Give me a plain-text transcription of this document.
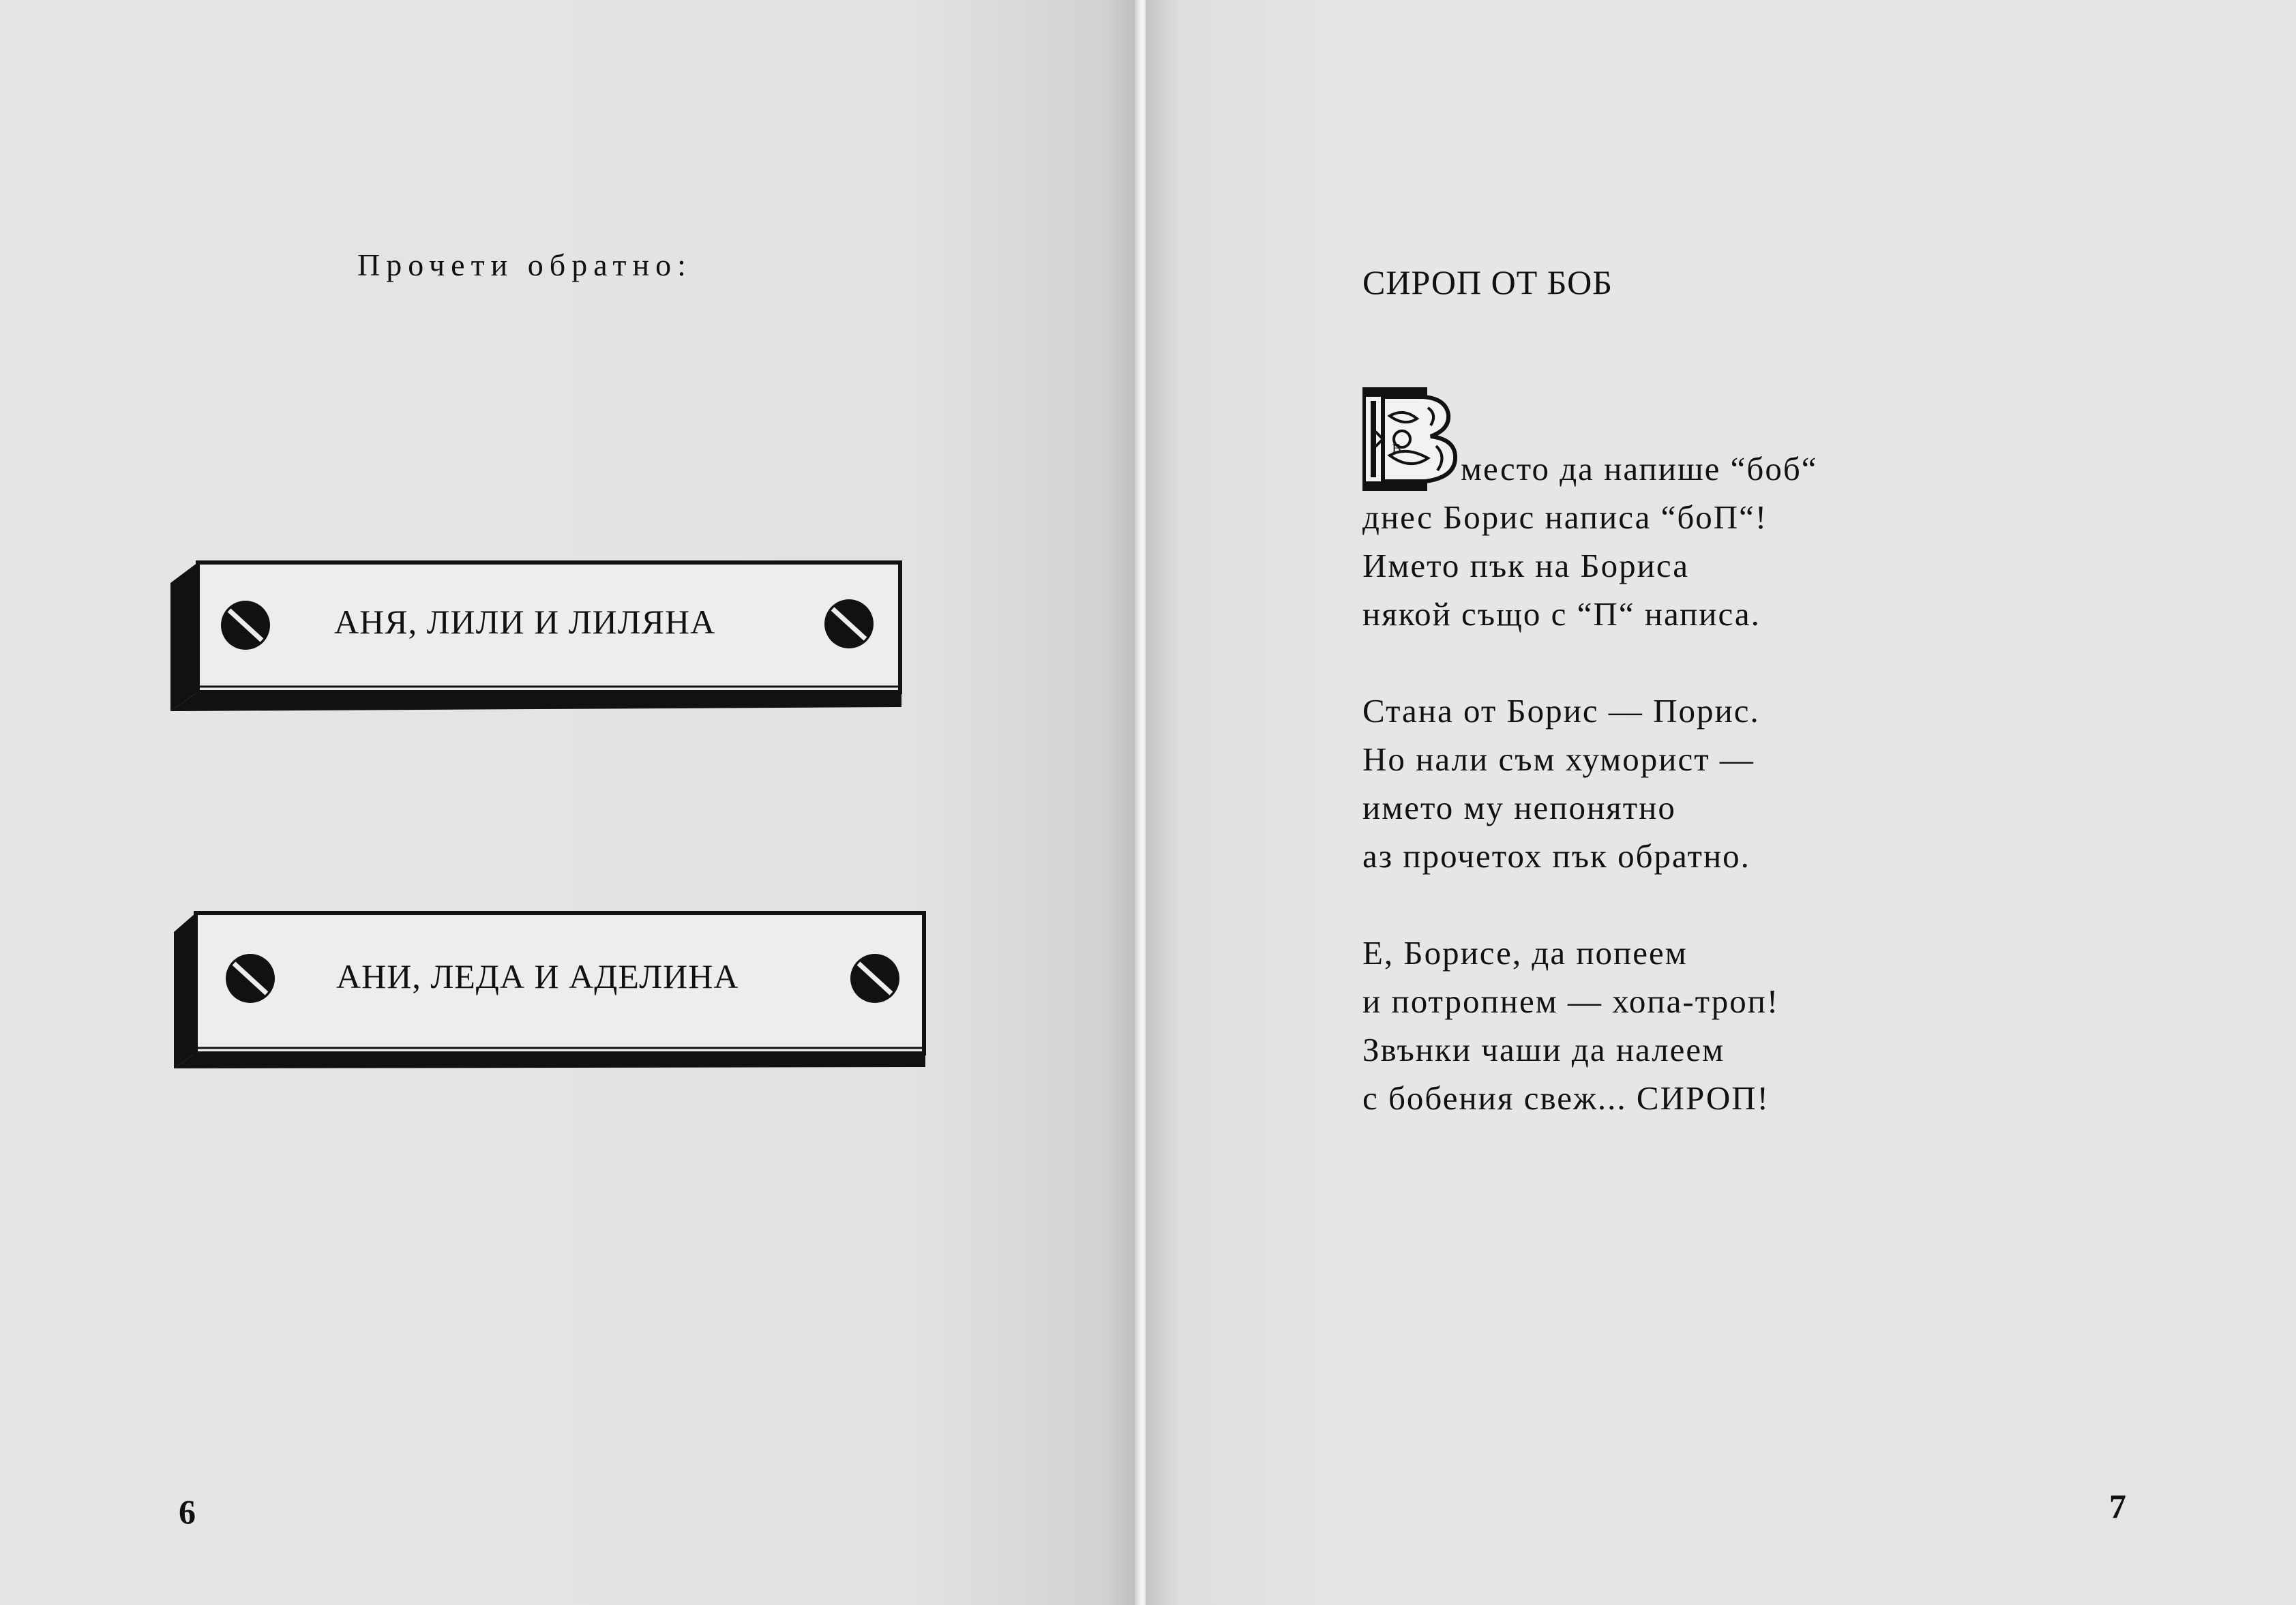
Прочети обратно:
АНЯ, ЛИЛИ И ЛИЛЯНА
АНИ, ЛЕДА И АДЕЛИНА
6
СИРОП ОТ БОБ
В
место да напише “боб“
днес Борис написа “боП“!
Името пък на Бориса
някой също с “П“ написа.
Стана от Борис — Порис.
Но нали съм хуморист —
името му непонятно
аз прочетох пък обратно.
Е, Борисе, да попеем
и потропнем — хопа-троп!
Звънки чаши да налеем
с бобения свеж... СИРОП!
7
